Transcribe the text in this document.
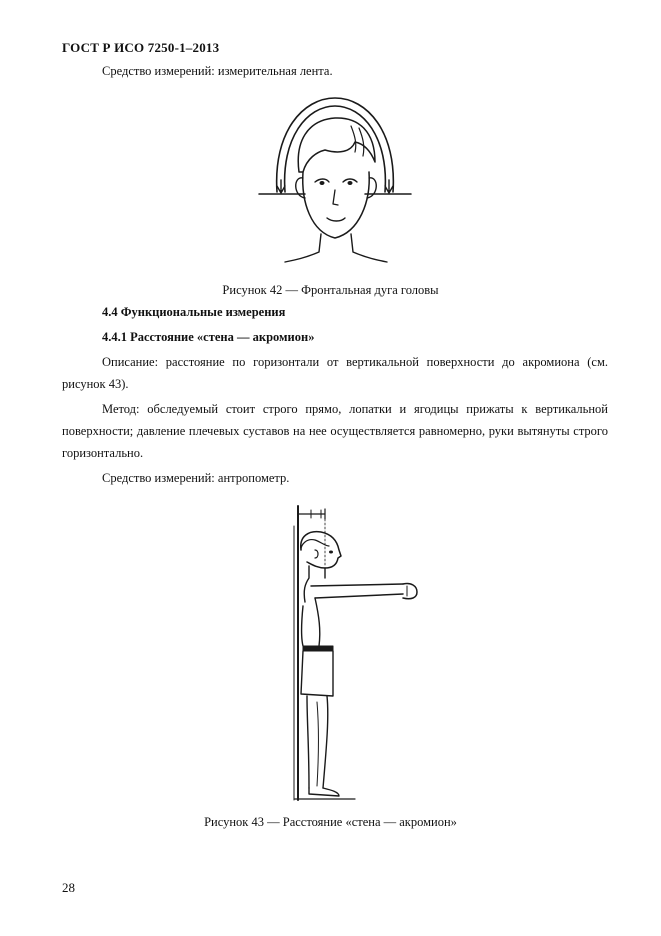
ГОСТ Р ИСО 7250-1–2013
Средство измерений: измерительная лента.
Рисунок 42 — Фронтальная дуга головы
4.4 Функциональные измерения
4.4.1 Расстояние «стена — акромион»
Описание: расстояние по горизонтали от вертикальной поверхности до акромиона (см. рисунок 43).
Метод: обследуемый стоит строго прямо, лопатки и ягодицы прижаты к вертикальной поверхности; давление плечевых суставов на нее осуществляется равномерно, руки вытянуты строго горизонтально.
Средство измерений: антропометр.
Рисунок 43 — Расстояние «стена — акромион»
28
